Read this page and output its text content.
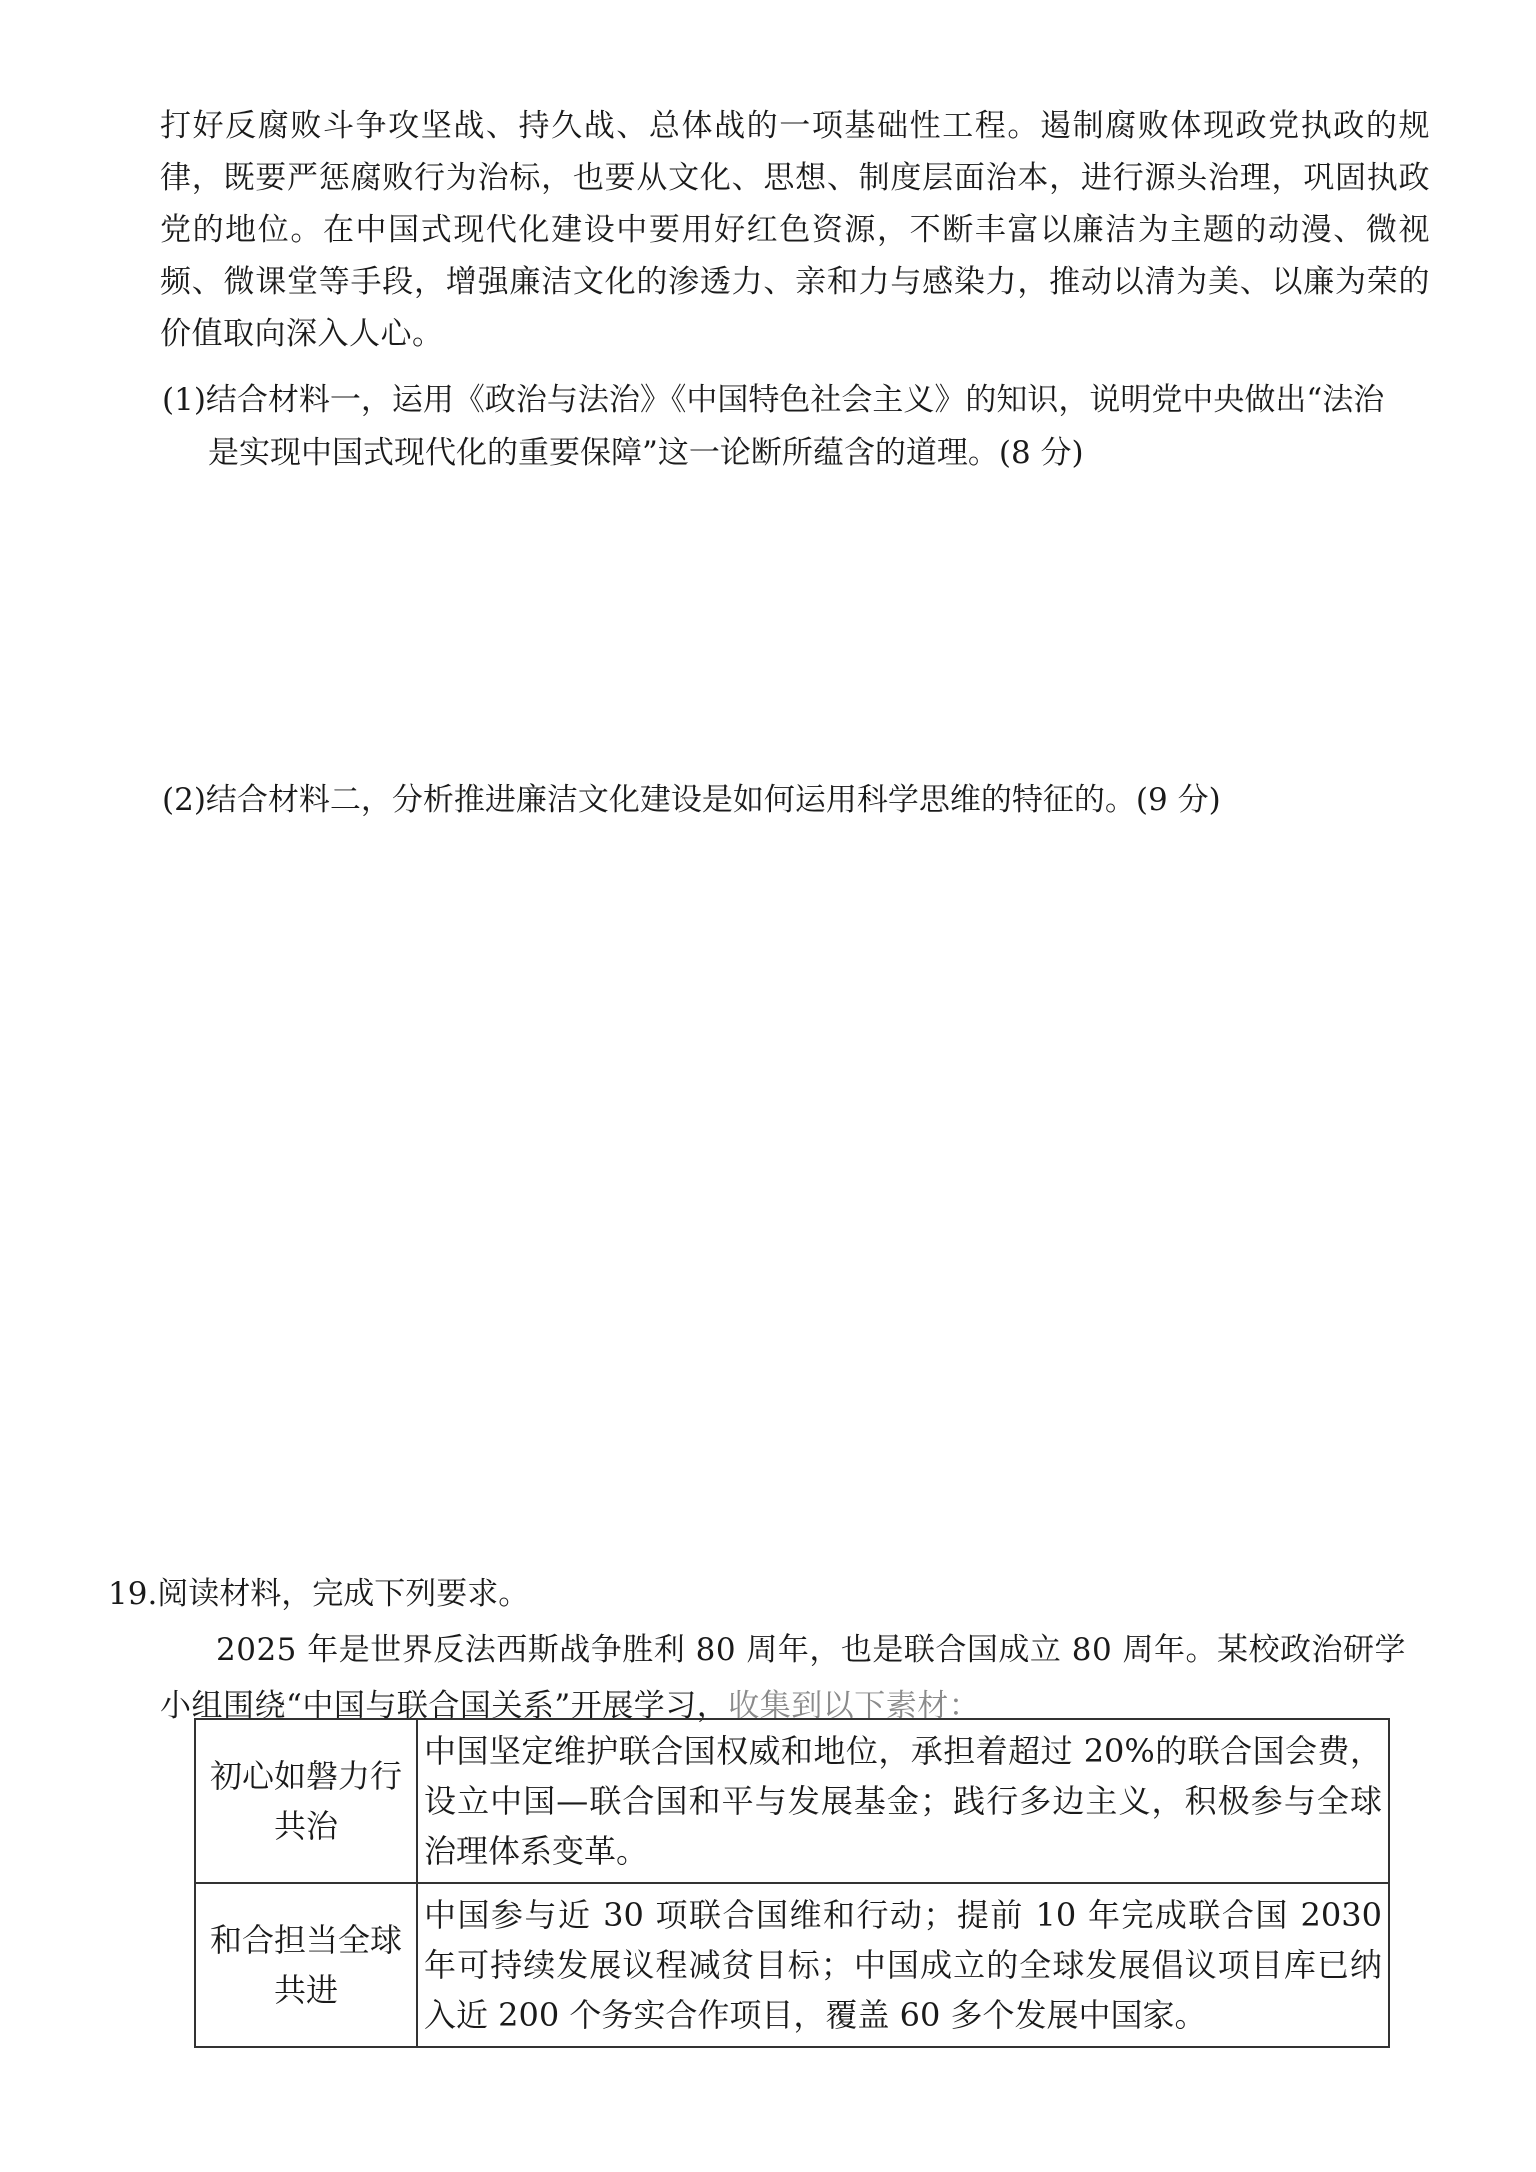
打好反腐败斗争攻坚战、持久战、总体战的一项基础性工程。遏制腐败体现政党执政的规律，既要严惩腐败行为治标，也要从文化、思想、制度层面治本，进行源头治理，巩固执政党的地位。在中国式现代化建设中要用好红色资源，不断丰富以廉洁为主题的动漫、微视频、微课堂等手段，增强廉洁文化的渗透力、亲和力与感染力，推动以清为美、以廉为荣的价值取向深入人心。
(1)结合材料一，运用《政治与法治》《中国特色社会主义》的知识，说明党中央做出“法治
是实现中国式现代化的重要保障”这一论断所蕴含的道理。(8 分)
(2)结合材料二，分析推进廉洁文化建设是如何运用科学思维的特征的。(9 分)
19.阅读材料，完成下列要求。
2025 年是世界反法西斯战争胜利 80 周年，也是联合国成立 80 周年。某校政治研学小组围绕“中国与联合国关系”开展学习，收集到以下素材：
初心如磐力行共治	中国坚定维护联合国权威和地位，承担着超过 20%的联合国会费，设立中国—联合国和平与发展基金；践行多边主义，积极参与全球治理体系变革。
和合担当全球共进	中国参与近 30 项联合国维和行动；提前 10 年完成联合国 2030 年可持续发展议程减贫目标；中国成立的全球发展倡议项目库已纳入近 200 个务实合作项目，覆盖 60 多个发展中国家。
